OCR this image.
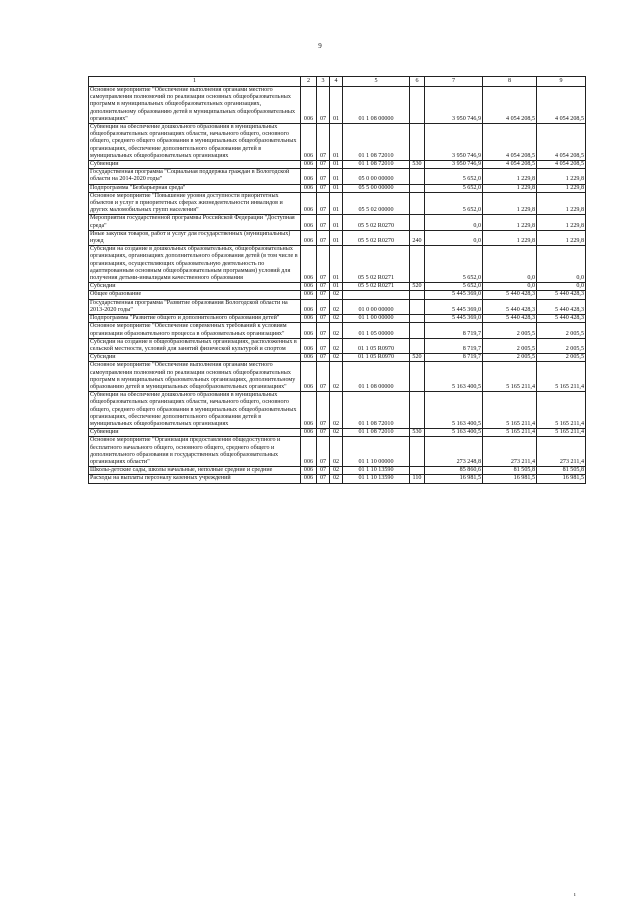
9
1	2	3	4	5	6	7	8	9
Основное мероприятие "Обеспечение выполнения органами местного самоуправления полномочий по реализации основных общеобразовательных программ в муниципальных общеобразовательных организациях, дополнительному образованию детей в муниципальных общеобразовательных организациях"	006	07	01	01 1 08 00000		3 950 746,9	4 054 208,5	4 054 208,5
Субвенции на обеспечение дошкольного образования в муниципальных общеобразовательных организациях области, начального общего, основного общего, среднего общего образования в муниципальных общеобразовательных организациях, обеспечение дополнительного образования детей в муниципальных общеобразовательных организациях	006	07	01	01 1 08 72010		3 950 746,9	4 054 208,5	4 054 208,5
Субвенции	006	07	01	01 1 08 72010	530	3 950 746,9	4 054 208,5	4 054 208,5
Государственная программа "Социальная поддержка граждан в Вологодской области на 2014-2020 годы"	006	07	01	05 0 00 00000		5 652,0	1 229,8	1 229,8
Подпрограмма "Безбарьерная среда"	006	07	01	05 5 00 00000		5 652,0	1 229,8	1 229,8
Основное мероприятие "Повышение уровня доступности приоритетных объектов и услуг в приоритетных сферах жизнедеятельности инвалидов и других маломобильных групп населения"	006	07	01	05 5 02 00000		5 652,0	1 229,8	1 229,8
Мероприятия государственной программы Российской Федерации "Доступная среда"	006	07	01	05 5 02 R0270		0,0	1 229,8	1 229,8
Иные закупки товаров, работ и услуг для государственных (муниципальных) нужд	006	07	01	05 5 02 R0270	240	0,0	1 229,8	1 229,8
Субсидии на создание в дошкольных образовательных, общеобразовательных организациях, организациях дополнительного образования детей (в том числе в организациях, осуществляющих образовательную деятельность по адаптированным основным общеобразовательным программам) условий для получения детьми-инвалидами качественного образования	006	07	01	05 5 02 R0271		5 652,0	0,0	0,0
Субсидии	006	07	01	05 5 02 R0271	520	5 652,0	0,0	0,0
Общее образование	006	07	02			5 445 369,0	5 440 428,3	5 440 428,3
Государственная программа "Развитие образования Вологодской области на 2013-2020 годы"	006	07	02	01 0 00 00000		5 445 369,0	5 440 428,3	5 440 428,3
Подпрограмма "Развитие общего и дополнительного образования детей"	006	07	02	01 1 00 00000		5 445 369,0	5 440 428,3	5 440 428,3
Основное мероприятие "Обеспечение современных требований к условиям организации образовательного процесса в образовательных организациях"	006	07	02	01 1 05 00000		8 719,7	2 005,5	2 005,5
Субсидии на создание в общеобразовательных организациях, расположенных в сельской местности, условий для занятий физической культурой и спортом	006	07	02	01 1 05 R0970		8 719,7	2 005,5	2 005,5
Субсидии	006	07	02	01 1 05 R0970	520	8 719,7	2 005,5	2 005,5
Основное мероприятие "Обеспечение выполнения органами местного самоуправления полномочий по реализации основных общеобразовательных программ в муниципальных образовательных организациях, дополнительному образованию детей в муниципальных общеобразовательных организациях"	006	07	02	01 1 08 00000		5 163 400,5	5 165 211,4	5 165 211,4
Субвенции на обеспечение дошкольного образования в муниципальных общеобразовательных организациях области, начального общего, основного общего, среднего общего образования в муниципальных общеобразовательных организациях, обеспечение дополнительного образования детей в муниципальных общеобразовательных организациях	006	07	02	01 1 08 72010		5 163 400,5	5 165 211,4	5 165 211,4
Субвенции	006	07	02	01 1 08 72010	530	5 163 400,5	5 165 211,4	5 165 211,4
Основное мероприятие "Организация предоставления общедоступного и бесплатного начального общего, основного общего, среднего общего и дополнительного образования в государственных общеобразовательных организациях области"	006	07	02	01 1 10 00000		273 248,8	273 211,4	273 211,4
Школы-детские сады, школы начальные, неполные средние и средние	006	07	02	01 1 10 13590		85 860,6	81 505,8	81 505,8
Расходы на выплаты персоналу казенных учреждений	006	07	02	01 1 10 13590	110	16 981,5	16 981,5	16 981,5
ı
